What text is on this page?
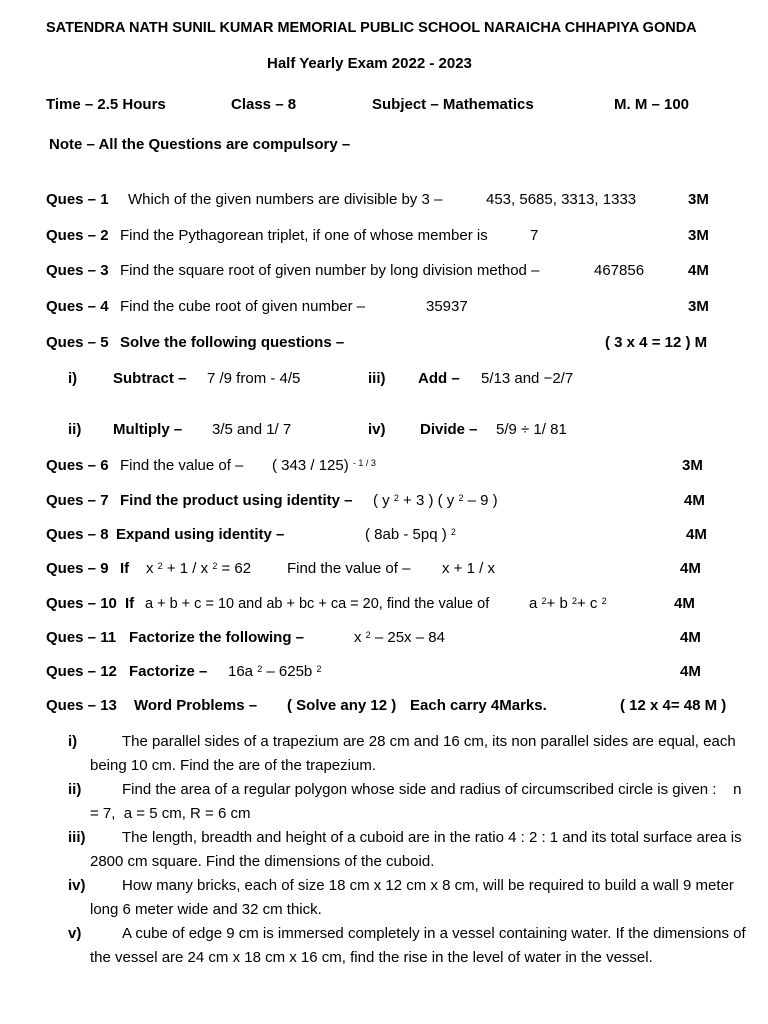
SATENDRA NATH SUNIL KUMAR MEMORIAL PUBLIC SCHOOL NARAICHA CHHAPIYA GONDA
Half Yearly Exam 2022 - 2023
Time – 2.5 Hours	Class – 8	Subject – Mathematics	M. M – 100
Note – All the Questions are compulsory –
Ques – 1 Which of the given numbers are divisible by 3 –	453, 5685, 3313, 1333	3M
Ques – 2 Find the Pythagorean triplet, if one of whose member is	7	3M
Ques – 3 Find the square root of given number by long division method –	467856	4M
Ques – 4 Find the cube root of given number –	35937	3M
Ques – 5 Solve the following questions –	( 3 x 4 = 12 ) M
i) Subtract – 7 /9 from - 4/5	iii) Add – 5/13 and −2/7
ii) Multiply – 3/5 and 1/ 7	iv) Divide – 5/9 ÷ 1/ 81
Ques – 6 Find the value of – ( 343 / 125) $^{- 1 / 3}$	3M
Ques – 7 Find the product using identity – ( y $^2$ + 3 ) ( y $^2$ – 9 )	4M
Ques – 8 Expand using identity –	( 8ab - 5pq ) $^2$	4M
Ques – 9 If x $^2$ + 1 / x $^2$ = 62 Find the value of – x + 1 / x	4M
Ques – 10 If a + b + c = 10 and ab + bc + ca = 20, find the value of	a $^2$+ b $^2$+ c $^2$	4M
Ques – 11 Factorize the following –	x $^2$ – 25x – 84	4M
Ques – 12 Factorize – 16a $^2$ – 625b $^2$	4M
Ques – 13 Word Problems – ( Solve any 12 ) Each carry 4Marks.	( 12 x 4= 48 M )
i)	The parallel sides of a trapezium are 28 cm and 16 cm, its non parallel sides are equal, each being 10 cm. Find the are of the trapezium.
ii)	Find the area of a regular polygon whose side and radius of circumscribed circle is given :    n = 7,  a = 5 cm, R = 6 cm
iii)	The length, breadth and height of a cuboid are in the ratio 4 : 2 : 1 and its total surface area is 2800 cm square. Find the dimensions of the cuboid.
iv)	How many bricks, each of size 18 cm x 12 cm x 8 cm, will be required to build a wall 9 meter long 6 meter wide and 32 cm thick.
v)	A cube of edge 9 cm is immersed completely in a vessel containing water. If the dimensions of the vessel are 24 cm x 18 cm x 16 cm, find the rise in the level of water in the vessel.
